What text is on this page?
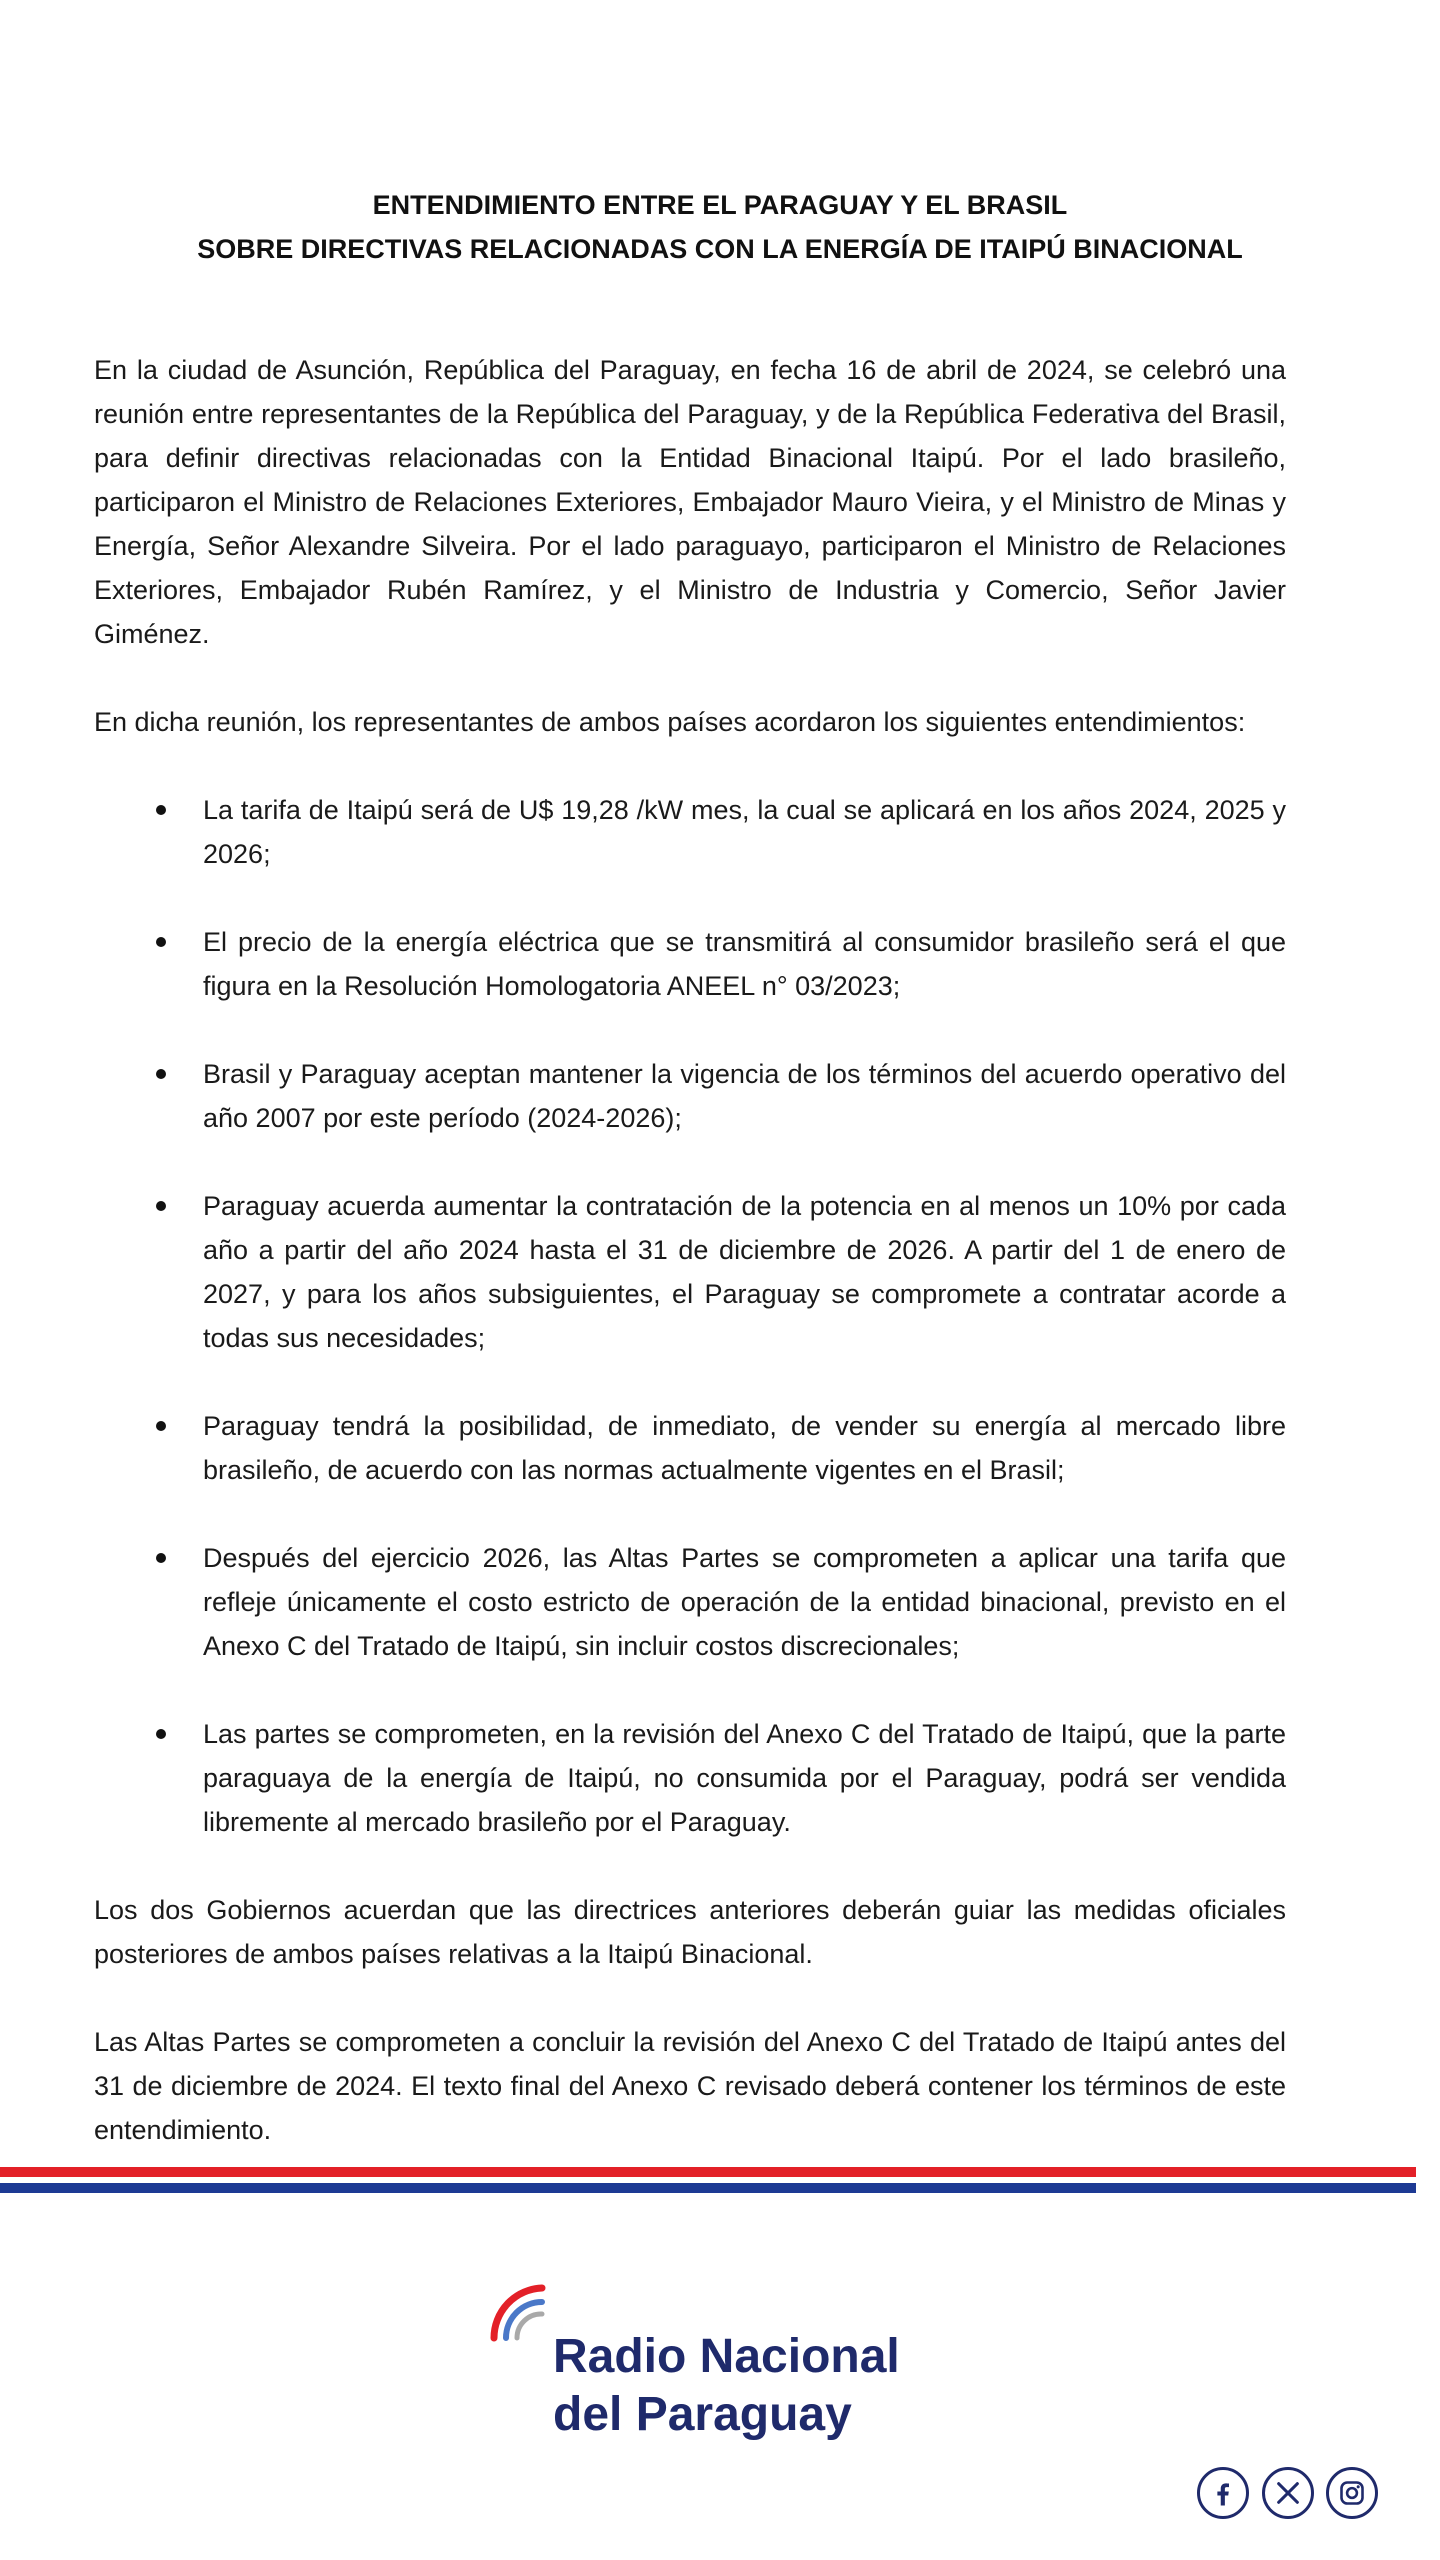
ENTENDIMIENTO ENTRE EL PARAGUAY Y EL BRASIL
SOBRE DIRECTIVAS RELACIONADAS CON LA ENERGÍA DE ITAIPÚ BINACIONAL

En la ciudad de Asunción, República del Paraguay, en fecha 16 de abril de 2024, se celebró una reunión entre representantes de la República del Paraguay, y de la República Federativa del Brasil, para definir directivas relacionadas con la Entidad Binacional Itaipú. Por el lado brasileño, participaron el Ministro de Relaciones Exteriores, Embajador Mauro Vieira, y el Ministro de Minas y Energía, Señor Alexandre Silveira. Por el lado paraguayo, participaron el Ministro de Relaciones Exteriores, Embajador Rubén Ramírez, y el Ministro de Industria y Comercio, Señor Javier Giménez.

En dicha reunión, los representantes de ambos países acordaron los siguientes entendimientos:

La tarifa de Itaipú será de U$ 19,28 /kW mes, la cual se aplicará en los años 2024, 2025 y 2026;
El precio de la energía eléctrica que se transmitirá al consumidor brasileño será el que figura en la Resolución Homologatoria ANEEL n° 03/2023;
Brasil y Paraguay aceptan mantener la vigencia de los términos del acuerdo operativo del año 2007 por este período (2024-2026);
Paraguay acuerda aumentar la contratación de la potencia en al menos un 10% por cada año a partir del año 2024 hasta el 31 de diciembre de 2026. A partir del 1 de enero de 2027, y para los años subsiguientes, el Paraguay se compromete a contratar acorde a todas sus necesidades;
Paraguay tendrá la posibilidad, de inmediato, de vender su energía al mercado libre brasileño, de acuerdo con las normas actualmente vigentes en el Brasil;
Después del ejercicio 2026, las Altas Partes se comprometen a aplicar una tarifa que refleje únicamente el costo estricto de operación de la entidad binacional, previsto en el Anexo C del Tratado de Itaipú, sin incluir costos discrecionales;
Las partes se comprometen, en la revisión del Anexo C del Tratado de Itaipú, que la parte paraguaya de la energía de Itaipú, no consumida por el Paraguay, podrá ser vendida libremente al mercado brasileño por el Paraguay.

Los dos Gobiernos acuerdan que las directrices anteriores deberán guiar las medidas oficiales posteriores de ambos países relativas a la Itaipú Binacional.

Las Altas Partes se comprometen a concluir la revisión del Anexo C del Tratado de Itaipú antes del 31 de diciembre de 2024. El texto final del Anexo C revisado deberá contener los términos de este entendimiento.

Radio Nacional
del Paraguay
